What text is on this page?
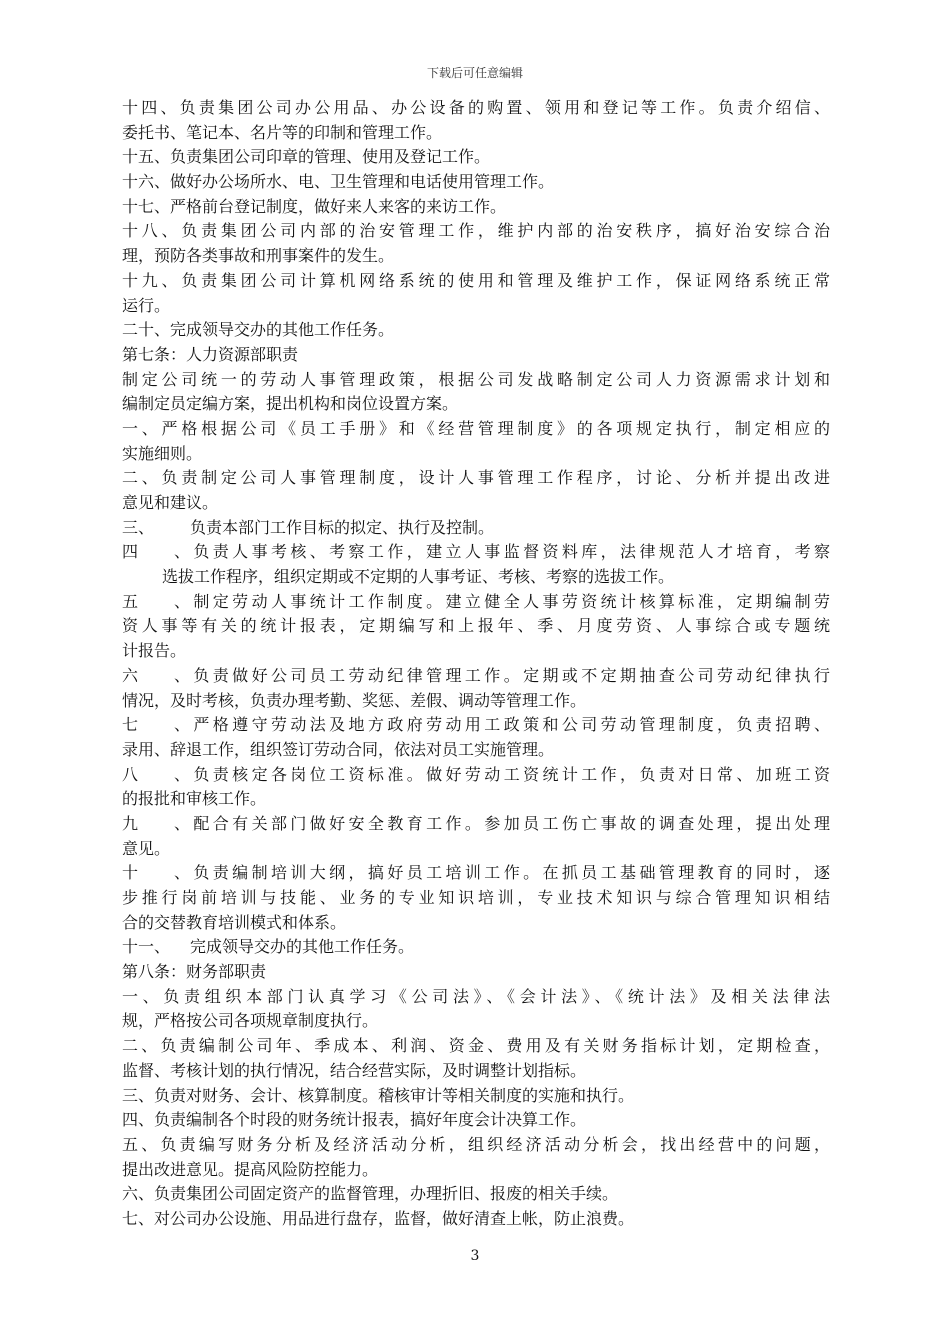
下载后可任意编辑
十四、负责集团公司办公用品、办公设备的购置、领用和登记等工作。负责介绍信、
委托书、笔记本、名片等的印制和管理工作。
十五、负责集团公司印章的管理、使用及登记工作。
十六、做好办公场所水、电、卫生管理和电话使用管理工作。
十七、严格前台登记制度，做好来人来客的来访工作。
十八、负责集团公司内部的治安管理工作，维护内部的治安秩序，搞好治安综合治
理，预防各类事故和刑事案件的发生。
十九、负责集团公司计算机网络系统的使用和管理及维护工作，保证网络系统正常
运行。
二十、完成领导交办的其他工作任务。
第七条：人力资源部职责
制定公司统一的劳动人事管理政策，根据公司发战略制定公司人力资源需求计划和
编制定员定编方案，提出机构和岗位设置方案。
一、严格根据公司《员工手册》和《经营管理制度》的各项规定执行，制定相应的
实施细则。
二、负责制定公司人事管理制度，设计人事管理工作程序，讨论、分析并提出改进
意见和建议。
三、 负责本部门工作目标的拟定、执行及控制。
四、负责人事考核、考察工作，建立人事监督资料库，法律规范人才培育，考察
选拔工作程序，组织定期或不定期的人事考证、考核、考察的选拔工作。
五、制定劳动人事统计工作制度。建立健全人事劳资统计核算标准，定期编制劳
资人事等有关的统计报表，定期编写和上报年、季、月度劳资、人事综合或专题统
计报告。
六、负责做好公司员工劳动纪律管理工作。定期或不定期抽查公司劳动纪律执行
情况，及时考核，负责办理考勤、奖惩、差假、调动等管理工作。
七、严格遵守劳动法及地方政府劳动用工政策和公司劳动管理制度，负责招聘、
录用、辞退工作，组织签订劳动合同，依法对员工实施管理。
八、负责核定各岗位工资标准。做好劳动工资统计工作，负责对日常、加班工资
的报批和审核工作。
九、配合有关部门做好安全教育工作。参加员工伤亡事故的调查处理，提出处理
意见。
十、负责编制培训大纲，搞好员工培训工作。在抓员工基础管理教育的同时，逐
步推行岗前培训与技能、业务的专业知识培训，专业技术知识与综合管理知识相结
合的交替教育培训模式和体系。
十一、 完成领导交办的其他工作任务。
第八条：财务部职责
一、负责组织本部门认真学习《公司法》、《会计法》、《统计法》及相关法律法
规，严格按公司各项规章制度执行。
二、负责编制公司年、季成本、利润、资金、费用及有关财务指标计划，定期检查，
监督、考核计划的执行情况，结合经营实际，及时调整计划指标。
三、负责对财务、会计、核算制度。稽核审计等相关制度的实施和执行。
四、负责编制各个时段的财务统计报表，搞好年度会计决算工作。
五、负责编写财务分析及经济活动分析，组织经济活动分析会，找出经营中的问题，
提出改进意见。提高风险防控能力。
六、负责集团公司固定资产的监督管理，办理折旧、报废的相关手续。
七、对公司办公设施、用品进行盘存，监督，做好清查上帐，防止浪费。
3
